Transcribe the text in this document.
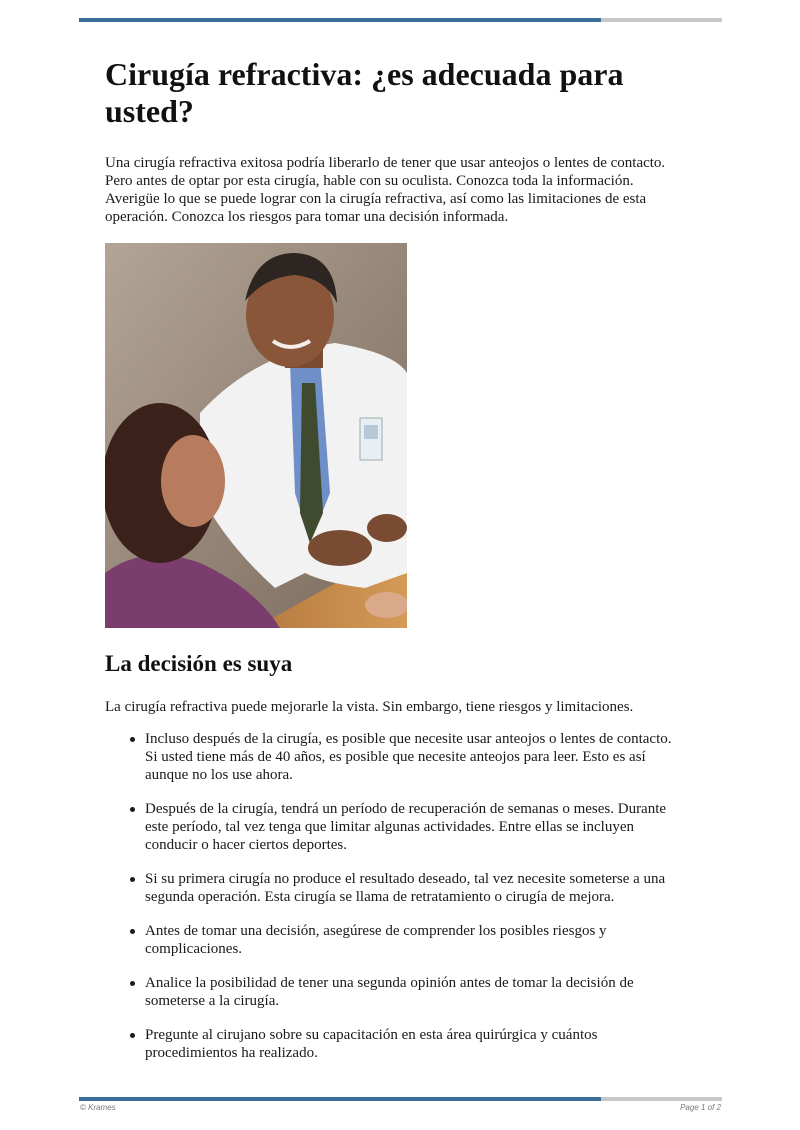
Cirugía refractiva: ¿es adecuada para usted?

Una cirugía refractiva exitosa podría liberarlo de tener que usar anteojos o lentes de contacto. Pero antes de optar por esta cirugía, hable con su oculista. Conozca toda la información. Averigüe lo que se puede lograr con la cirugía refractiva, así como las limitaciones de esta operación. Conozca los riesgos para tomar una decisión informada.

La decisión es suya

La cirugía refractiva puede mejorarle la vista. Sin embargo, tiene riesgos y limitaciones.

Incluso después de la cirugía, es posible que necesite usar anteojos o lentes de contacto. Si usted tiene más de 40 años, es posible que necesite anteojos para leer. Esto es así aunque no los use ahora.
Después de la cirugía, tendrá un período de recuperación de semanas o meses. Durante este período, tal vez tenga que limitar algunas actividades. Entre ellas se incluyen conducir o hacer ciertos deportes.
Si su primera cirugía no produce el resultado deseado, tal vez necesite someterse a una segunda operación. Esta cirugía se llama de retratamiento o cirugía de mejora.
Antes de tomar una decisión, asegúrese de comprender los posibles riesgos y complicaciones.
Analice la posibilidad de tener una segunda opinión antes de tomar la decisión de someterse a la cirugía.
Pregunte al cirujano sobre su capacitación en esta área quirúrgica y cuántos procedimientos ha realizado.
© Krames	Page 1 of 2
